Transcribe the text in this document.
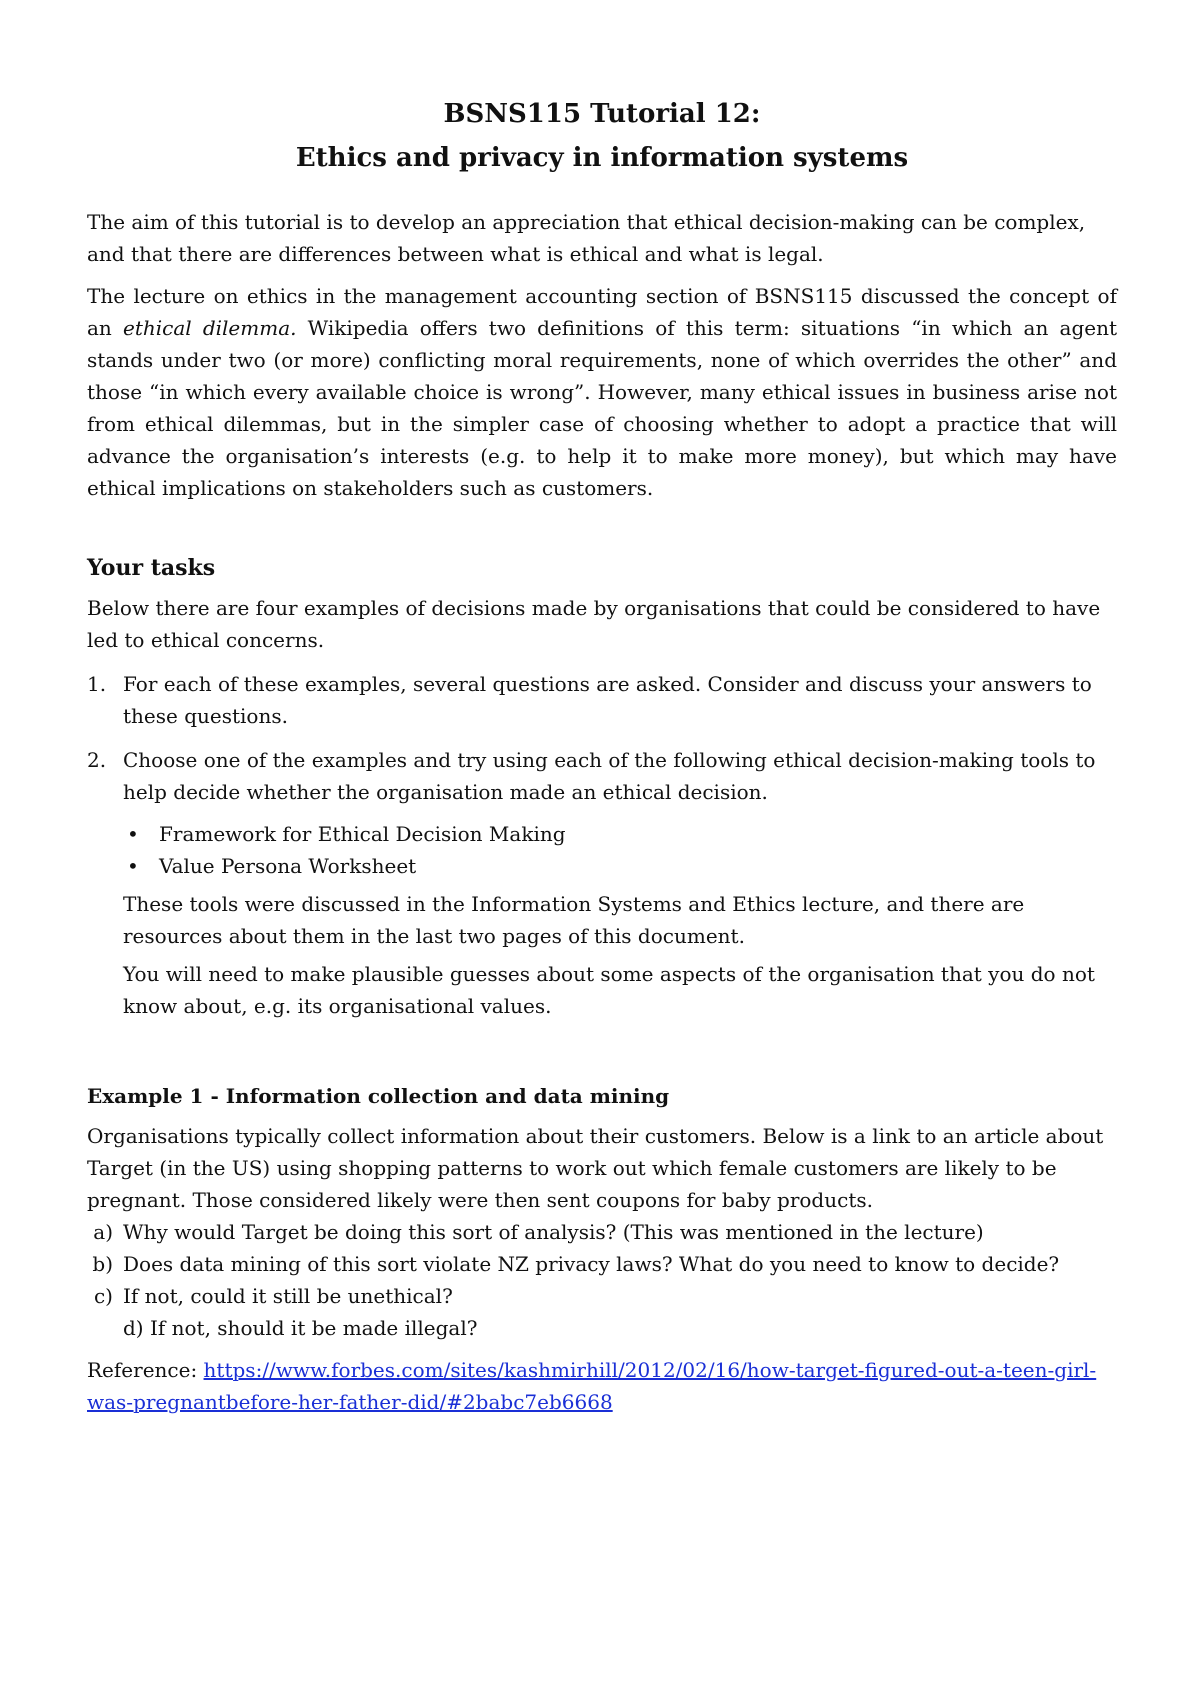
BSNS115 Tutorial 12:
Ethics and privacy in information systems

The aim of this tutorial is to develop an appreciation that ethical decision-making can be complex, and that there are differences between what is ethical and what is legal.

The lecture on ethics in the management accounting section of BSNS115 discussed the concept of an ethical dilemma. Wikipedia offers two definitions of this term: situations “in which an agent stands under two (or more) conflicting moral requirements, none of which overrides the other” and those “in which every available choice is wrong”. However, many ethical issues in business arise not from ethical dilemmas, but in the simpler case of choosing whether to adopt a practice that will advance the organisation’s interests (e.g. to help it to make more money), but which may have ethical implications on stakeholders such as customers.

Your tasks

Below there are four examples of decisions made by organisations that could be considered to have led to ethical concerns.

1. For each of these examples, several questions are asked. Consider and discuss your answers to these questions.
2. Choose one of the examples and try using each of the following ethical decision-making tools to help decide whether the organisation made an ethical decision.
• Framework for Ethical Decision Making
• Value Persona Worksheet

These tools were discussed in the Information Systems and Ethics lecture, and there are resources about them in the last two pages of this document.

You will need to make plausible guesses about some aspects of the organisation that you do not know about, e.g. its organisational values.

Example 1 - Information collection and data mining

Organisations typically collect information about their customers. Below is a link to an article about Target (in the US) using shopping patterns to work out which female customers are likely to be pregnant. Those considered likely were then sent coupons for baby products.

a) Why would Target be doing this sort of analysis? (This was mentioned in the lecture)
b) Does data mining of this sort violate NZ privacy laws? What do you need to know to decide?
c) If not, could it still be unethical?
d) If not, should it be made illegal?

Reference: https://www.forbes.com/sites/kashmirhill/2012/02/16/how-target-figured-out-a-teen-girl-was-pregnantbefore-her-father-did/#2babc7eb6668
